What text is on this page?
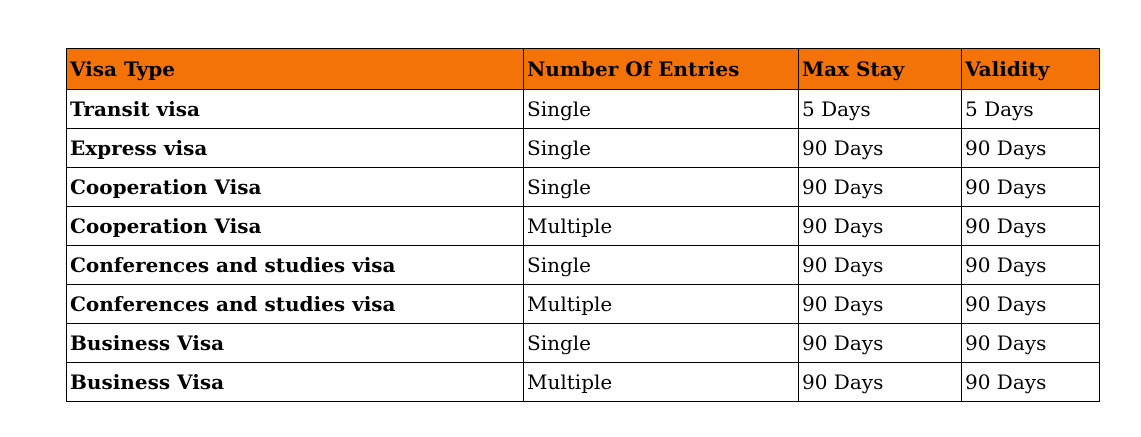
Visa Type	Number Of Entries	Max Stay	Validity
Transit visa	Single	5 Days	5 Days
Express visa	Single	90 Days	90 Days
Cooperation Visa	Single	90 Days	90 Days
Cooperation Visa	Multiple	90 Days	90 Days
Conferences and studies visa	Single	90 Days	90 Days
Conferences and studies visa	Multiple	90 Days	90 Days
Business Visa	Single	90 Days	90 Days
Business Visa	Multiple	90 Days	90 Days
